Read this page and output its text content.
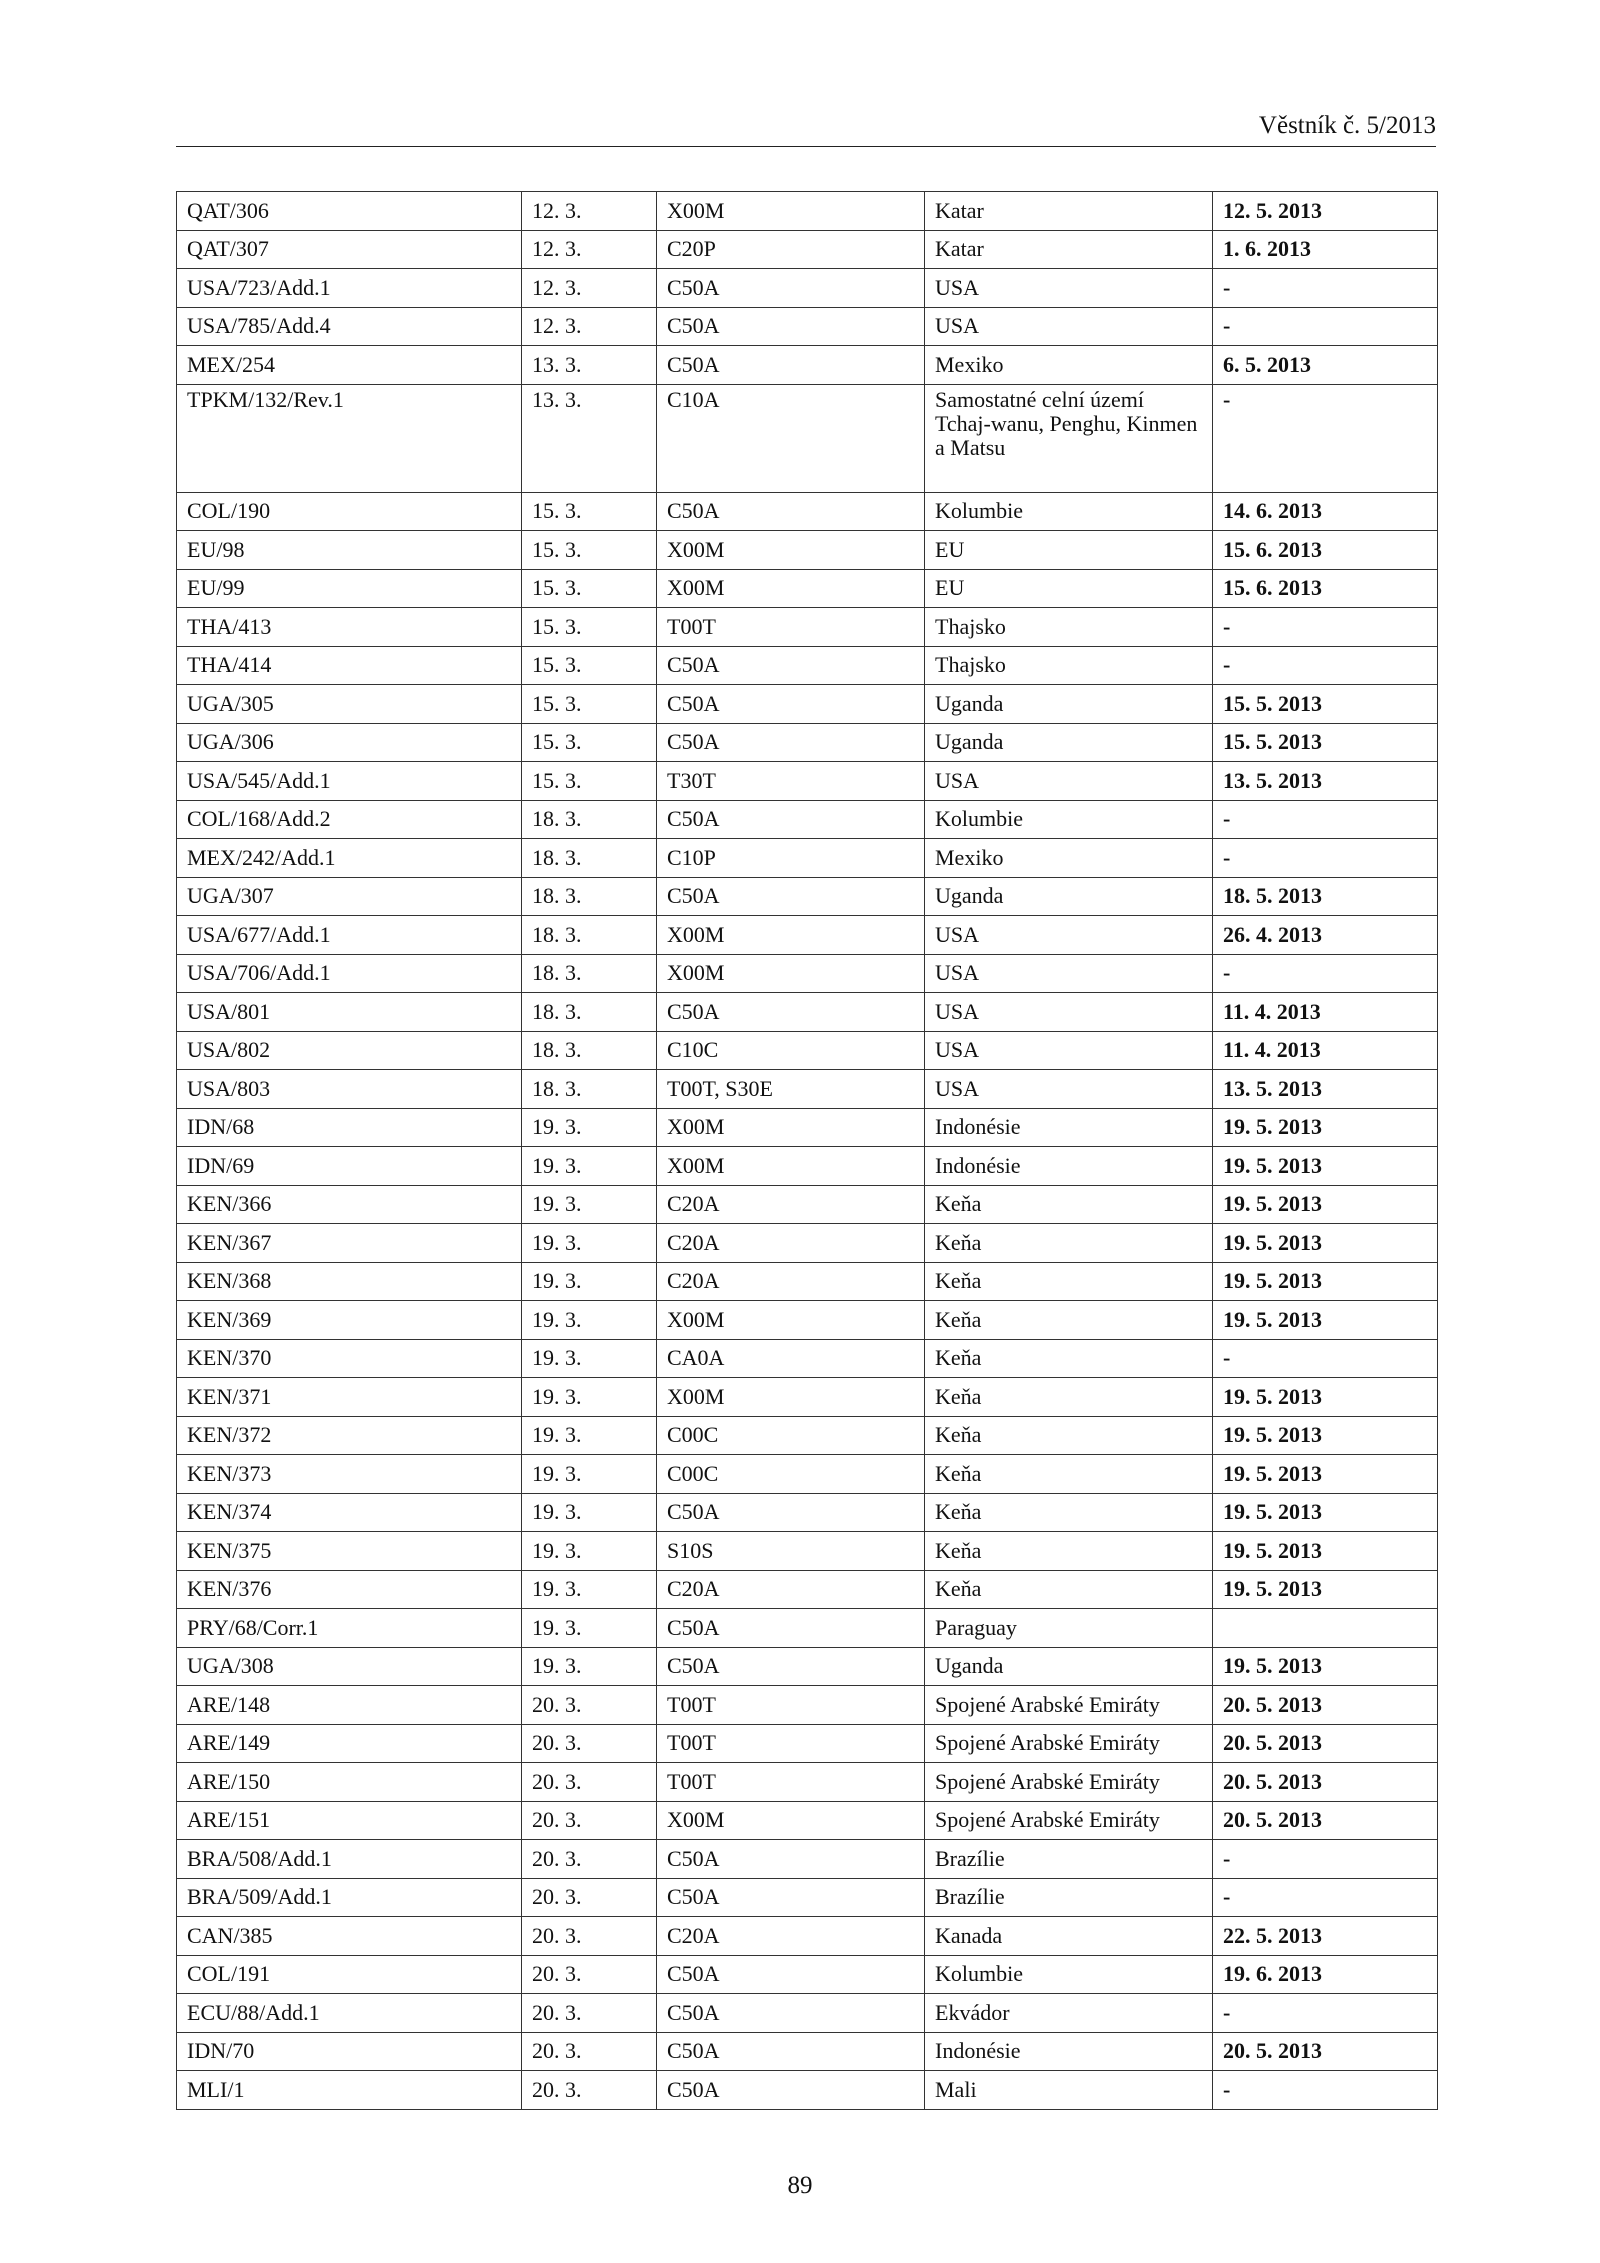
Věstník č. 5/2013
QAT/306	12. 3.	X00M	Katar	12. 5. 2013
QAT/307	12. 3.	C20P	Katar	1. 6. 2013
USA/723/Add.1	12. 3.	C50A	USA	-
USA/785/Add.4	12. 3.	C50A	USA	-
MEX/254	13. 3.	C50A	Mexiko	6. 5. 2013
TPKM/132/Rev.1	13. 3.	C10A	Samostatné celní území Tchaj-wanu, Penghu, Kinmen a Matsu	-
COL/190	15. 3.	C50A	Kolumbie	14. 6. 2013
EU/98	15. 3.	X00M	EU	15. 6. 2013
EU/99	15. 3.	X00M	EU	15. 6. 2013
THA/413	15. 3.	T00T	Thajsko	-
THA/414	15. 3.	C50A	Thajsko	-
UGA/305	15. 3.	C50A	Uganda	15. 5. 2013
UGA/306	15. 3.	C50A	Uganda	15. 5. 2013
USA/545/Add.1	15. 3.	T30T	USA	13. 5. 2013
COL/168/Add.2	18. 3.	C50A	Kolumbie	-
MEX/242/Add.1	18. 3.	C10P	Mexiko	-
UGA/307	18. 3.	C50A	Uganda	18. 5. 2013
USA/677/Add.1	18. 3.	X00M	USA	26. 4. 2013
USA/706/Add.1	18. 3.	X00M	USA	-
USA/801	18. 3.	C50A	USA	11. 4. 2013
USA/802	18. 3.	C10C	USA	11. 4. 2013
USA/803	18. 3.	T00T, S30E	USA	13. 5. 2013
IDN/68	19. 3.	X00M	Indonésie	19. 5. 2013
IDN/69	19. 3.	X00M	Indonésie	19. 5. 2013
KEN/366	19. 3.	C20A	Keňa	19. 5. 2013
KEN/367	19. 3.	C20A	Keňa	19. 5. 2013
KEN/368	19. 3.	C20A	Keňa	19. 5. 2013
KEN/369	19. 3.	X00M	Keňa	19. 5. 2013
KEN/370	19. 3.	CA0A	Keňa	-
KEN/371	19. 3.	X00M	Keňa	19. 5. 2013
KEN/372	19. 3.	C00C	Keňa	19. 5. 2013
KEN/373	19. 3.	C00C	Keňa	19. 5. 2013
KEN/374	19. 3.	C50A	Keňa	19. 5. 2013
KEN/375	19. 3.	S10S	Keňa	19. 5. 2013
KEN/376	19. 3.	C20A	Keňa	19. 5. 2013
PRY/68/Corr.1	19. 3.	C50A	Paraguay	
UGA/308	19. 3.	C50A	Uganda	19. 5. 2013
ARE/148	20. 3.	T00T	Spojené Arabské Emiráty	20. 5. 2013
ARE/149	20. 3.	T00T	Spojené Arabské Emiráty	20. 5. 2013
ARE/150	20. 3.	T00T	Spojené Arabské Emiráty	20. 5. 2013
ARE/151	20. 3.	X00M	Spojené Arabské Emiráty	20. 5. 2013
BRA/508/Add.1	20. 3.	C50A	Brazílie	-
BRA/509/Add.1	20. 3.	C50A	Brazílie	-
CAN/385	20. 3.	C20A	Kanada	22. 5. 2013
COL/191	20. 3.	C50A	Kolumbie	19. 6. 2013
ECU/88/Add.1	20. 3.	C50A	Ekvádor	-
IDN/70	20. 3.	C50A	Indonésie	20. 5. 2013
MLI/1	20. 3.	C50A	Mali	-
89
